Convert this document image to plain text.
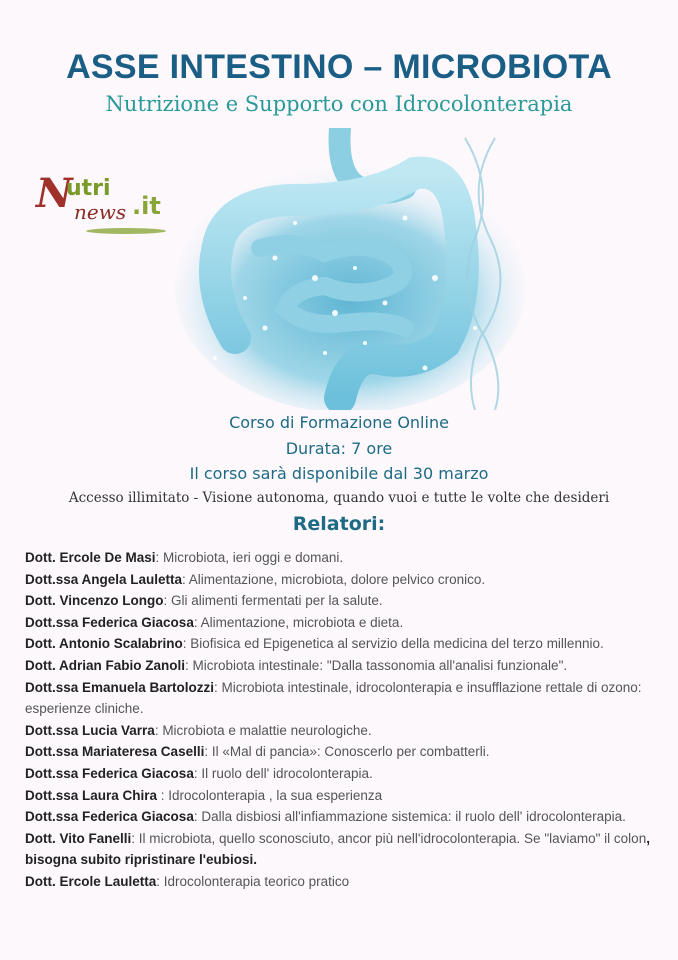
ASSE INTESTINO – MICROBIOTA
Nutrizione e Supporto con Idrocolonterapia
N
utri
news .it
Corso di Formazione Online
Durata: 7 ore
Il corso sarà disponibile dal 30 marzo
Accesso illimitato - Visione autonoma, quando vuoi e tutte le volte che desideri
Relatori:

Dott. Ercole De Masi: Microbiota, ieri oggi e domani.

Dott.ssa Angela Lauletta: Alimentazione, microbiota, dolore pelvico cronico.

Dott. Vincenzo Longo: Gli alimenti fermentati per la salute.

Dott.ssa Federica Giacosa: Alimentazione, microbiota e dieta.

Dott. Antonio Scalabrino: Biofisica ed Epigenetica al servizio della medicina del terzo millennio.

Dott. Adrian Fabio Zanoli: Microbiota intestinale: "Dalla tassonomia all'analisi funzionale".

Dott.ssa Emanuela Bartolozzi: Microbiota intestinale, idrocolonterapia e insufflazione rettale di ozono: esperienze cliniche.

Dott.ssa Lucia Varra: Microbiota e malattie neurologiche.

Dott.ssa Mariateresa Caselli: Il «Mal di pancia»: Conoscerlo per combatterli.

Dott.ssa Federica Giacosa: Il ruolo dell' idrocolonterapia.

Dott.ssa Laura Chira : Idrocolonterapia , la sua esperienza

Dott.ssa Federica Giacosa: Dalla disbiosi all'infiammazione sistemica: il ruolo dell' idrocolonterapia.

Dott. Vito Fanelli: Il microbiota, quello sconosciuto, ancor più nell'idrocolonterapia. Se "laviamo" il colon, bisogna subito ripristinare l'eubiosi.

Dott. Ercole Lauletta: Idrocolonterapia teorico pratico
